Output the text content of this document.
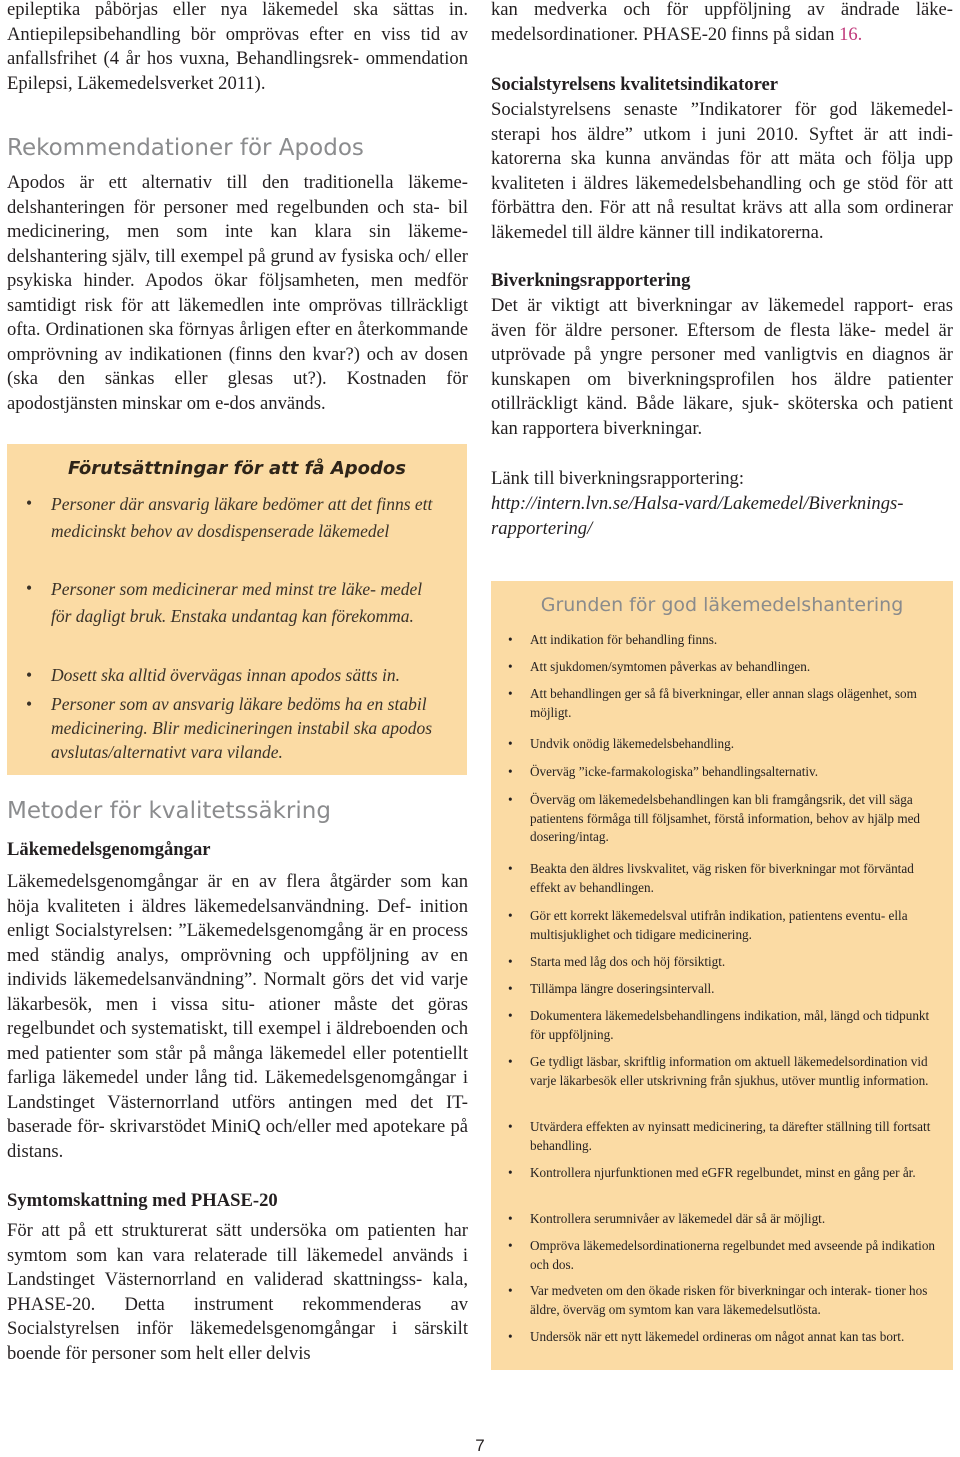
epileptika påbörjas eller nya läkemedel ska sättas in. Antiepilepsibehandling bör omprövas efter en viss tid av anfallsfrihet (4 år hos vuxna, Behandlingsrek- ommendation Epilepsi, Läkemedelsverket 2011).

Rekommendationer för Apodos

Apodos är ett alternativ till den traditionella läkeme- delshanteringen för personer med regelbunden och sta- bil medicinering, men som inte kan klara sin läkeme- delshantering själv, till exempel på grund av fysiska och/ eller psykiska hinder. Apodos ökar följsamheten, men medför samtidigt risk för att läkemedlen inte omprövas tillräckligt ofta. Ordinationen ska förnyas årligen efter en återkommande omprövning av indikationen (finns den kvar?) och av dosen (ska den sänkas eller glesas ut?). Kostnaden för apodostjänsten minskar om e-dos används.

Metoder för kvalitetssäkring
Läkemedelsgenomgångar

Läkemedelsgenomgångar är en av flera åtgärder som kan höja kvaliteten i äldres läkemedelsanvändning. Def- inition enligt Socialstyrelsen: ”Läkemedelsgenomgång är en process med ständig analys, omprövning och uppföljning av en individs läkemedelsanvändning”. Normalt görs det vid varje läkarbesök, men i vissa situ- ationer måste det göras regelbundet och systematiskt, till exempel i äldreboenden och med patienter som står på många läkemedel eller potentiellt farliga läkemedel under lång tid. Läkemedelsgenomgångar i Landstinget Västernorrland utförs antingen med det IT-baserade för- skrivarstödet MiniQ och/eller med apotekare på distans.

Symtomskattning med PHASE-20

För att på ett strukturerat sätt undersöka om patienten har symtom som kan vara relaterade till läkemedel används i Landstinget Västernorrland en validerad skattningss- kala, PHASE-20. Detta instrument rekommenderas av Socialstyrelsen inför läkemedelsgenomgångar i särskilt boende för personer som helt eller delvis

Förutsättningar för att få Apodos
• Personer där ansvarig läkare bedömer att det finns ett medicinskt behov av dosdispenserade läkemedel
• Personer som medicinerar med minst tre läke- medel för dagligt bruk. Enstaka undantag kan förekomma.
• Dosett ska alltid övervägas innan apodos sätts in.
• Personer som av ansvarig läkare bedöms ha en stabil medicinering. Blir medicineringen instabil ska apodos avslutas/alternativt vara vilande.

kan medverka och för uppföljning av ändrade läke- medelsordinationer. PHASE-20 finns på sidan 16.

Socialstyrelsens kvalitetsindikatorer

Socialstyrelsens senaste ”Indikatorer för god läkemedel- sterapi hos äldre” utkom i juni 2010. Syftet är att indi- katorerna ska kunna användas för att mäta och följa upp kvaliteten i äldres läkemedelsbehandling och ge stöd för att förbättra den. För att nå resultat krävs att alla som ordinerar läkemedel till äldre känner till indikatorerna.

Biverkningsrapportering

Det är viktigt att biverkningar av läkemedel rapport- eras även för äldre personer. Eftersom de flesta läke- medel är utprövade på yngre personer med vanligtvis en diagnos är kunskapen om biverkningsprofilen hos äldre patienter otillräckligt känd. Både läkare, sjuk- sköterska och patient kan rapportera biverkningar.

Länk till biverkningsrapportering:

http://intern.lvn.se/Halsa-vard/Lakemedel/Biverknings- rapportering/

Grunden för god läkemedelshantering
• Att indikation för behandling finns.
• Att sjukdomen/symtomen påverkas av behandlingen.
• Att behandlingen ger så få biverkningar, eller annan slags olägenhet, som möjligt.
• Undvik onödig läkemedelsbehandling.
• Överväg ”icke-farmakologiska” behandlingsalternativ.
• Överväg om läkemedelsbehandlingen kan bli framgångsrik, det vill säga patientens förmåga till följsamhet, förstå information, behov av hjälp med dosering/intag.
• Beakta den äldres livskvalitet, väg risken för biverkningar mot förväntad effekt av behandlingen.
• Gör ett korrekt läkemedelsval utifrån indikation, patientens eventu- ella multisjuklighet och tidigare medicinering.
• Starta med låg dos och höj försiktigt.
• Tillämpa längre doseringsintervall.
• Dokumentera läkemedelsbehandlingens indikation, mål, längd och tidpunkt för uppföljning.
• Ge tydligt läsbar, skriftlig information om aktuell läkemedelsordination vid varje läkarbesök eller utskrivning från sjukhus, utöver muntlig information.
• Utvärdera effekten av nyinsatt medicinering, ta därefter ställning till fortsatt behandling.
• Kontrollera njurfunktionen med eGFR regelbundet, minst en gång per år.
• Kontrollera serumnivåer av läkemedel där så är möjligt.
• Ompröva läkemedelsordinationerna regelbundet med avseende på indikation och dos.
• Var medveten om den ökade risken för biverkningar och interak- tioner hos äldre, överväg om symtom kan vara läkemedelsutlösta.
• Undersök när ett nytt läkemedel ordineras om något annat kan tas bort.
7
